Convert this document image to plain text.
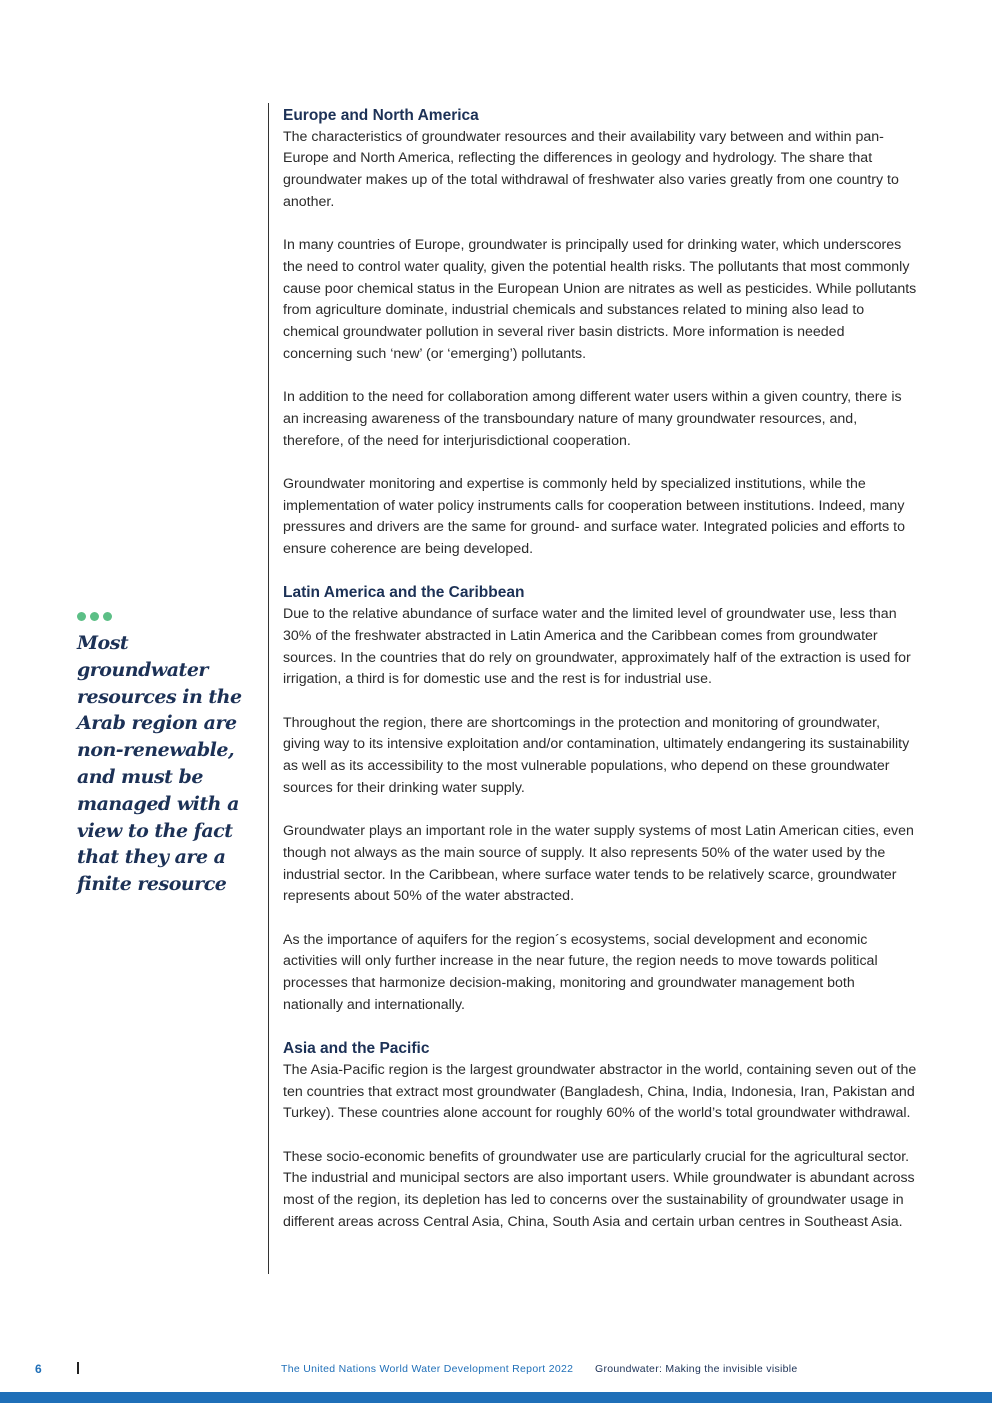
Most groundwater resources in the Arab region are non-renewable, and must be managed with a view to the fact that they are a finite resource

Europe and North America

The characteristics of groundwater resources and their availability vary between and within pan-Europe and North America, reflecting the differences in geology and hydrology. The share that groundwater makes up of the total withdrawal of freshwater also varies greatly from one country to another.

In many countries of Europe, groundwater is principally used for drinking water, which underscores the need to control water quality, given the potential health risks. The pollutants that most commonly cause poor chemical status in the European Union are nitrates as well as pesticides. While pollutants from agriculture dominate, industrial chemicals and substances related to mining also lead to chemical groundwater pollution in several river basin districts. More information is needed concerning such ‘new’ (or ‘emerging’) pollutants.

In addition to the need for collaboration among different water users within a given country, there is an increasing awareness of the transboundary nature of many groundwater resources, and, therefore, of the need for interjurisdictional cooperation.

Groundwater monitoring and expertise is commonly held by specialized institutions, while the implementation of water policy instruments calls for cooperation between institutions. Indeed, many pressures and drivers are the same for ground- and surface water. Integrated policies and efforts to ensure coherence are being developed.

Latin America and the Caribbean

Due to the relative abundance of surface water and the limited level of groundwater use, less than 30% of the freshwater abstracted in Latin America and the Caribbean comes from groundwater sources. In the countries that do rely on groundwater, approximately half of the extraction is used for irrigation, a third is for domestic use and the rest is for industrial use.

Throughout the region, there are shortcomings in the protection and monitoring of groundwater, giving way to its intensive exploitation and/or contamination, ultimately endangering its sustainability as well as its accessibility to the most vulnerable populations, who depend on these groundwater sources for their drinking water supply.

Groundwater plays an important role in the water supply systems of most Latin American cities, even though not always as the main source of supply. It also represents 50% of the water used by the industrial sector. In the Caribbean, where surface water tends to be relatively scarce, groundwater represents about 50% of the water abstracted.

As the importance of aquifers for the region´s ecosystems, social development and economic activities will only further increase in the near future, the region needs to move towards political processes that harmonize decision-making, monitoring and groundwater management both nationally and internationally.

Asia and the Pacific

The Asia-Pacific region is the largest groundwater abstractor in the world, containing seven out of the ten countries that extract most groundwater (Bangladesh, China, India, Indonesia, Iran, Pakistan and Turkey). These countries alone account for roughly 60% of the world’s total groundwater withdrawal.

These socio-economic benefits of groundwater use are particularly crucial for the agricultural sector. The industrial and municipal sectors are also important users. While groundwater is abundant across most of the region, its depletion has led to concerns over the sustainability of groundwater usage in different areas across Central Asia, China, South Asia and certain urban centres in Southeast Asia.

6	The United Nations World Water Development Report 2022 Groundwater: Making the invisible visible
